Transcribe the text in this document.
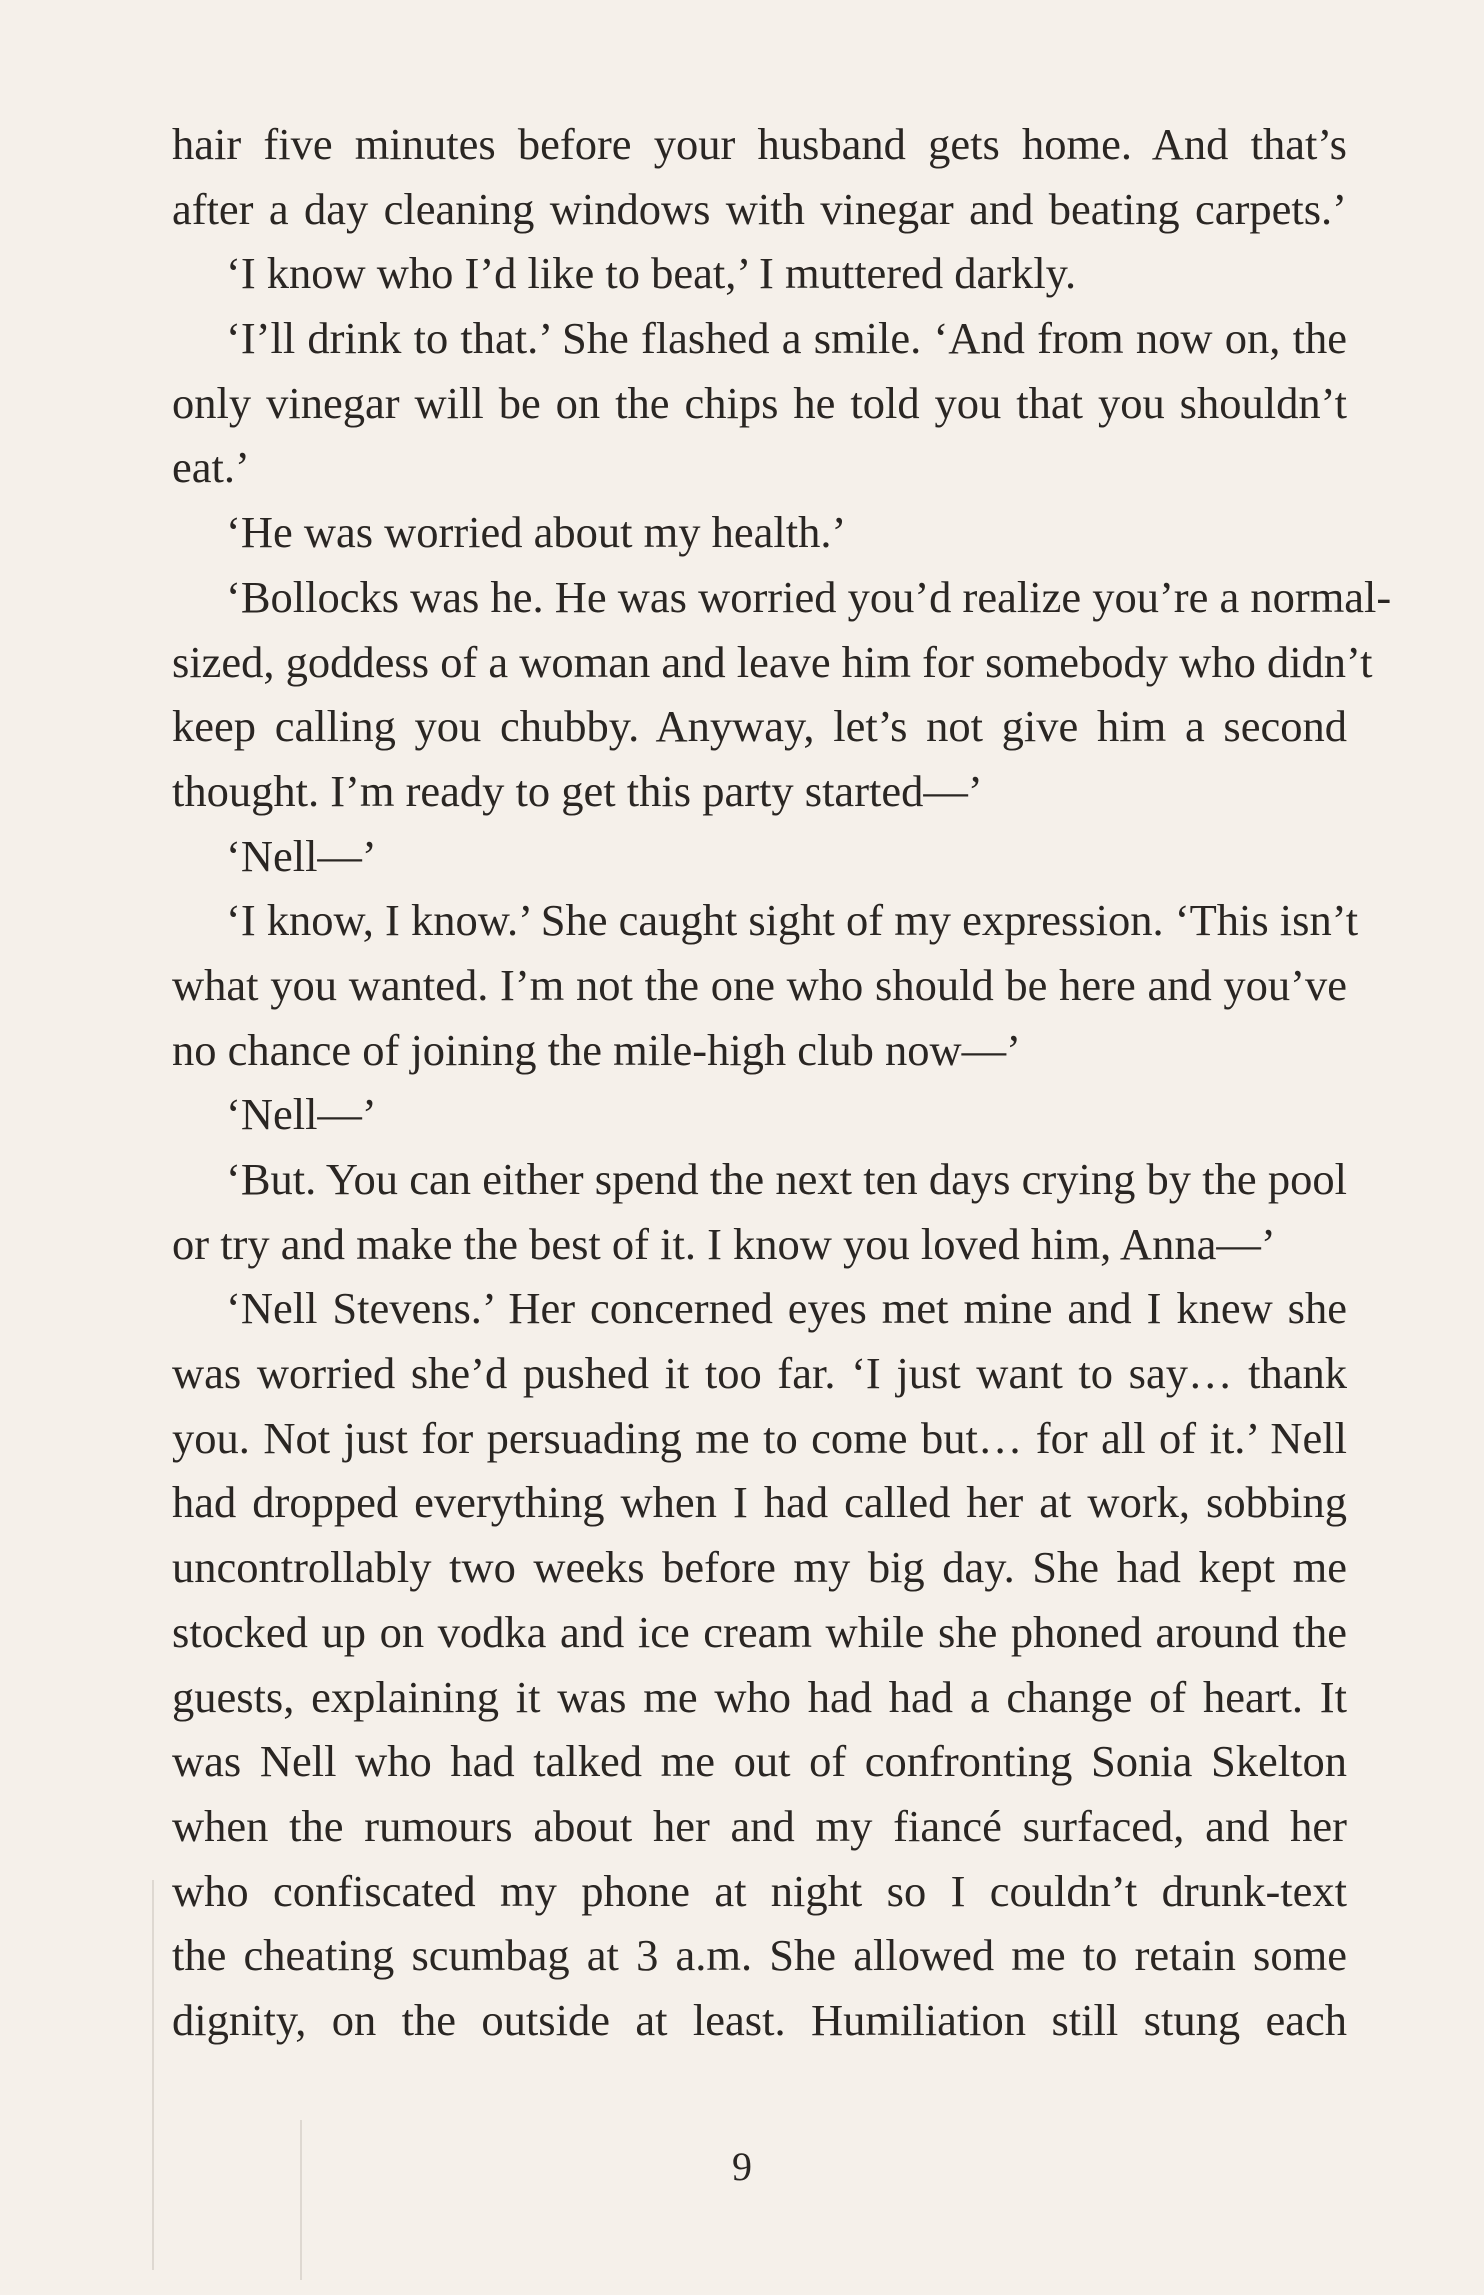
hair five minutes before your husband gets home. And that’s
after a day cleaning windows with vinegar and beating carpets.’
‘I know who I’d like to beat,’ I muttered darkly.
‘I’ll drink to that.’ She flashed a smile. ‘And from now on, the
only vinegar will be on the chips he told you that you shouldn’t
eat.’
‘He was worried about my health.’
‘Bollocks was he. He was worried you’d realize you’re a normal-
sized, goddess of a woman and leave him for somebody who didn’t
keep calling you chubby. Anyway, let’s not give him a second
thought. I’m ready to get this party started—’
‘Nell—’
‘I know, I know.’ She caught sight of my expression. ‘This isn’t
what you wanted. I’m not the one who should be here and you’ve
no chance of joining the mile-high club now—’
‘Nell—’
‘But. You can either spend the next ten days crying by the pool
or try and make the best of it. I know you loved him, Anna—’
‘Nell Stevens.’ Her concerned eyes met mine and I knew she
was worried she’d pushed it too far. ‘I just want to say… thank
you. Not just for persuading me to come but… for all of it.’ Nell
had dropped everything when I had called her at work, sobbing
uncontrollably two weeks before my big day. She had kept me
stocked up on vodka and ice cream while she phoned around the
guests, explaining it was me who had had a change of heart. It
was Nell who had talked me out of confronting Sonia Skelton
when the rumours about her and my fiancé surfaced, and her
who confiscated my phone at night so I couldn’t drunk-text
the cheating scumbag at 3 a.m. She allowed me to retain some
dignity, on the outside at least. Humiliation still stung each
9
